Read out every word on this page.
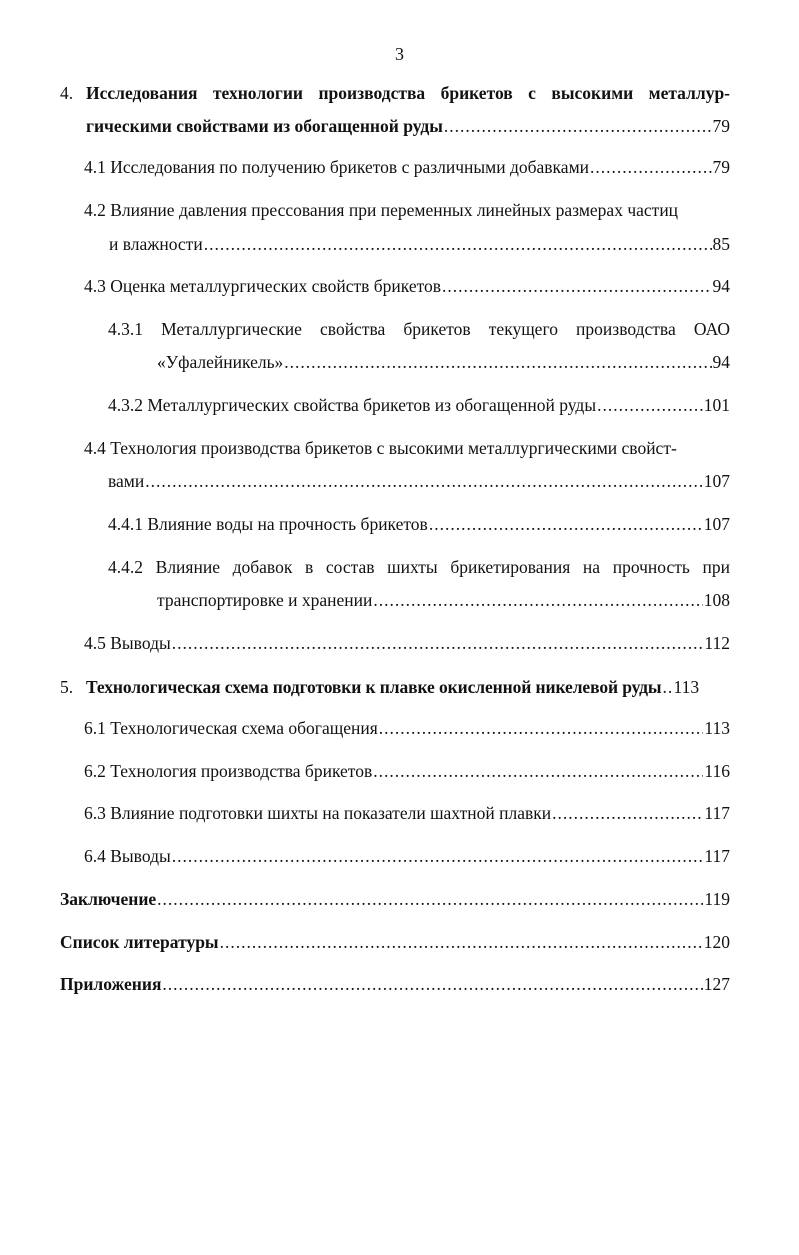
3
4. Исследования технологии производства брикетов с высокими металлур-
гическими свойствами из обогащенной руды .....	79
4.1 Исследования по получению брикетов с различными добавками .....	79
4.2 Влияние давления прессования при переменных линейных размерах частиц
и влажности .....	85
4.3 Оценка металлургических свойств брикетов .....	94
4.3.1 Металлургические свойства брикетов текущего производства ОАО
«Уфалейникель» .....	94
4.3.2 Металлургических свойства брикетов из обогащенной руды .....	101
4.4 Технология производства брикетов с высокими металлургическими свойст-
вами .....	107
4.4.1 Влияние воды на прочность брикетов .....	107
4.4.2 Влияние добавок в состав шихты брикетирования на прочность при
транспортировке и хранении .....	108
4.5 Выводы .....	112
5. Технологическая схема подготовки к плавке окисленной никелевой руды ..... 113
6.1 Технологическая схема обогащения .....	113
6.2 Технология производства брикетов .....	116
6.3 Влияние подготовки шихты на показатели шахтной плавки .....	117
6.4 Выводы .....	117
Заключение .....	119
Список литературы .....	120
Приложения .....	127
